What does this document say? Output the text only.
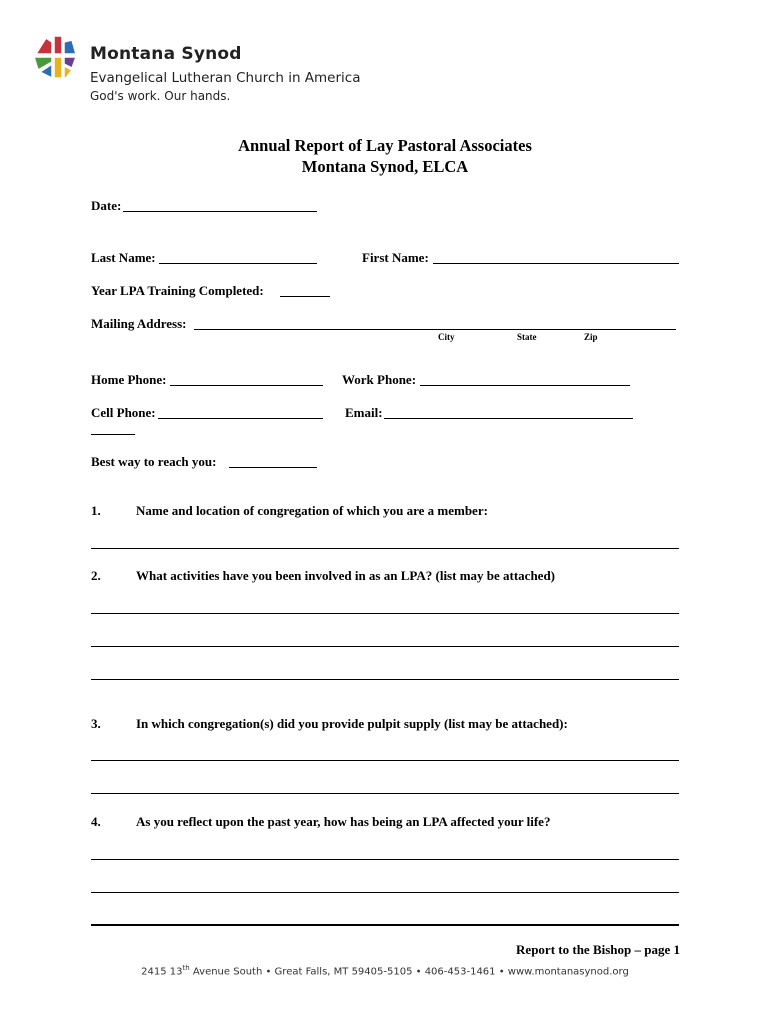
Montana Synod
Evangelical Lutheran Church in America
God's work. Our hands.
Annual Report of Lay Pastoral Associates
Montana Synod, ELCA
Date:
Last Name:	First Name:
Year LPA Training Completed:
Mailing Address:
City	State	Zip
Home Phone:	Work Phone:
Cell Phone:	Email:
Best way to reach you:
1.	Name and location of congregation of which you are a member:
2.	What activities have you been involved in as an LPA? (list may be attached)
3.	In which congregation(s) did you provide pulpit supply (list may be attached):
4.	As you reflect upon the past year, how has being an LPA affected your life?
Report to the Bishop – page 1
2415 13th Avenue South • Great Falls, MT 59405-5105 • 406-453-1461 • www.montanasynod.org
